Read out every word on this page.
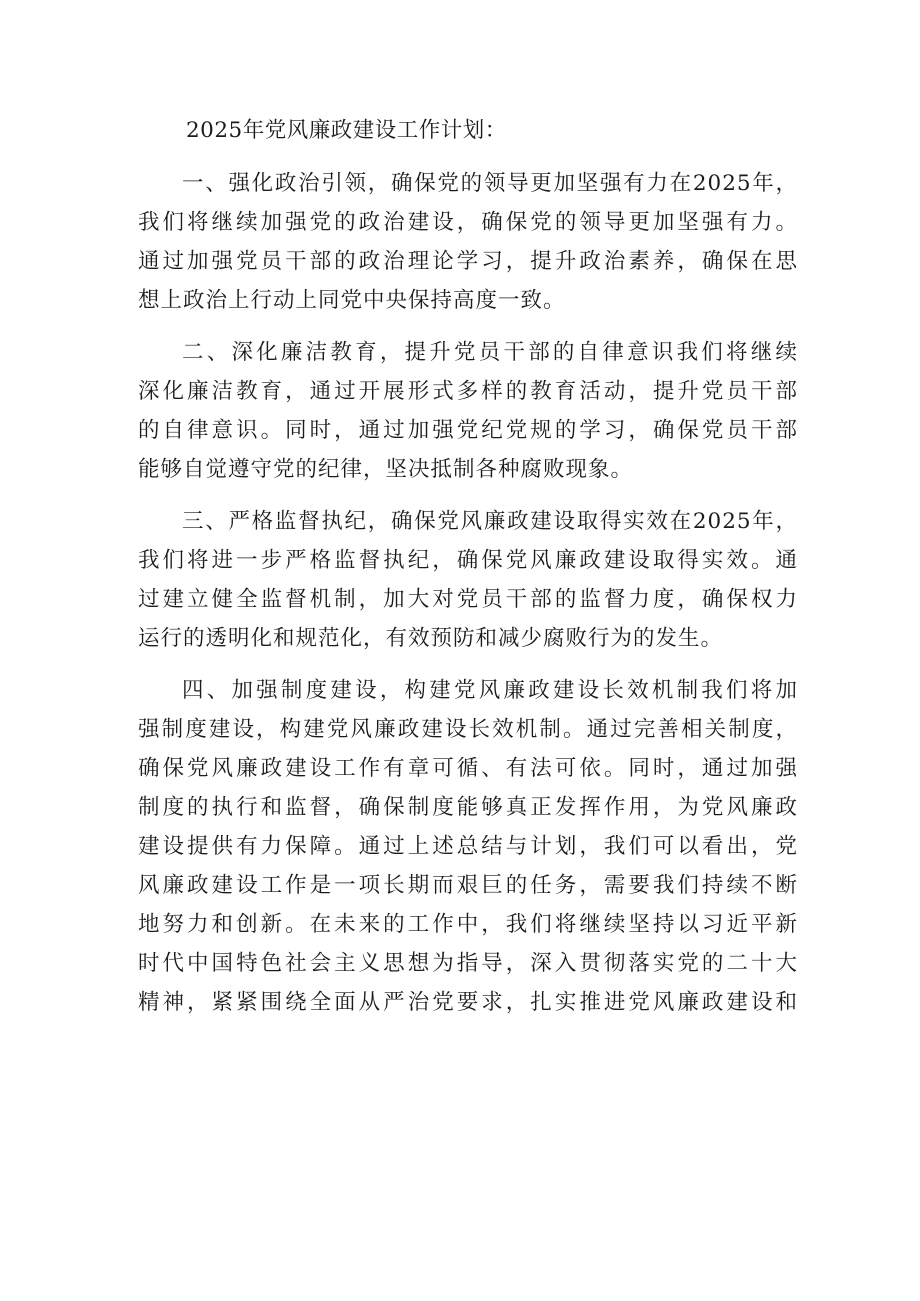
2025年党风廉政建设工作计划：

一、强化政治引领，确保党的领导更加坚强有力在2025年，
我们将继续加强党的政治建设，确保党的领导更加坚强有力。
通过加强党员干部的政治理论学习，提升政治素养，确保在思
想上政治上行动上同党中央保持高度一致。
二、深化廉洁教育，提升党员干部的自律意识我们将继续
深化廉洁教育，通过开展形式多样的教育活动，提升党员干部
的自律意识。同时，通过加强党纪党规的学习，确保党员干部
能够自觉遵守党的纪律，坚决抵制各种腐败现象。
三、严格监督执纪，确保党风廉政建设取得实效在2025年，
我们将进一步严格监督执纪，确保党风廉政建设取得实效。通
过建立健全监督机制，加大对党员干部的监督力度，确保权力
运行的透明化和规范化，有效预防和减少腐败行为的发生。
四、加强制度建设，构建党风廉政建设长效机制我们将加
强制度建设，构建党风廉政建设长效机制。通过完善相关制度，
确保党风廉政建设工作有章可循、有法可依。同时，通过加强
制度的执行和监督，确保制度能够真正发挥作用，为党风廉政
建设提供有力保障。通过上述总结与计划，我们可以看出，党
风廉政建设工作是一项长期而艰巨的任务，需要我们持续不断
地努力和创新。在未来的工作中，我们将继续坚持以习近平新
时代中国特色社会主义思想为指导，深入贯彻落实党的二十大
精神，紧紧围绕全面从严治党要求，扎实推进党风廉政建设和
